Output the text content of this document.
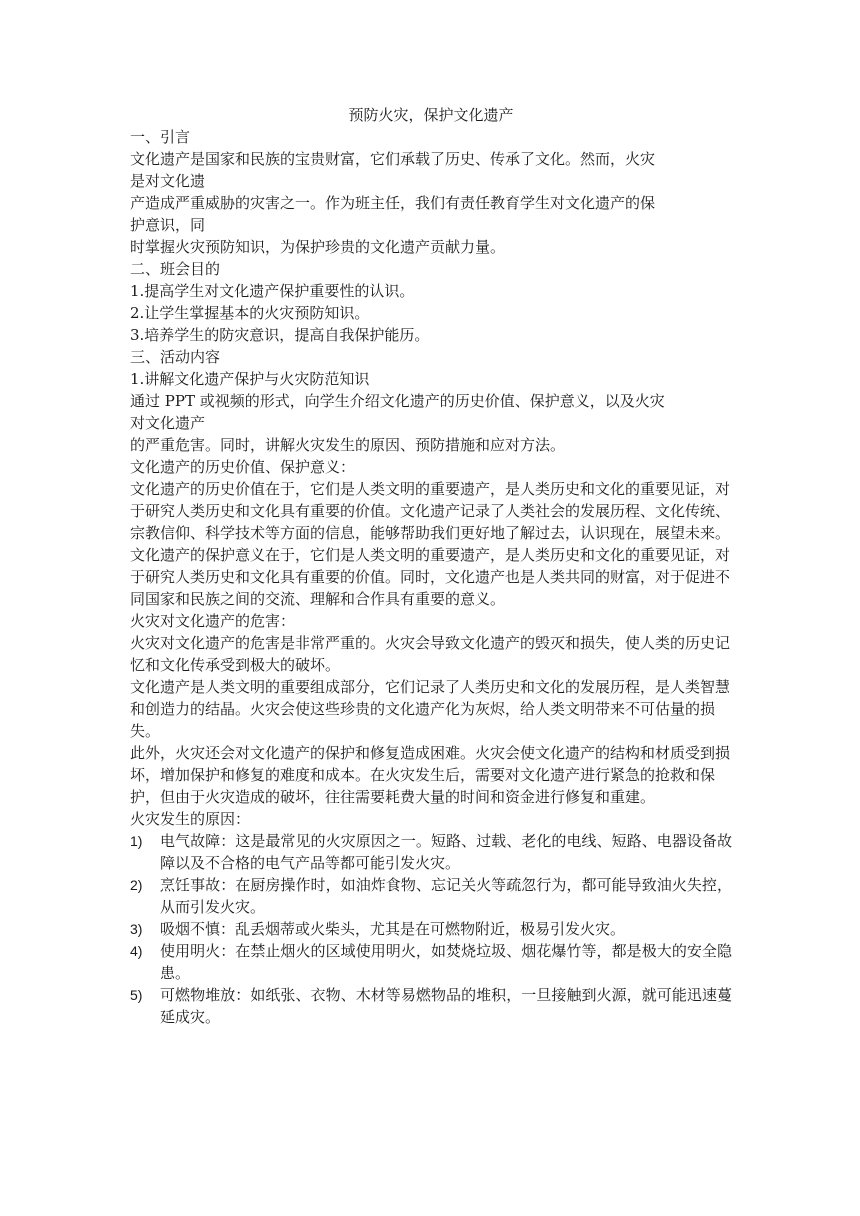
预防火灾，保护文化遗产

一、引言

文化遗产是国家和民族的宝贵财富，它们承载了历史、传承了文化。然而，火灾

是对文化遗

产造成严重威胁的灾害之一。作为班主任，我们有责任教育学生对文化遗产的保

护意识，同

时掌握火灾预防知识，为保护珍贵的文化遗产贡献力量。

二、班会目的

1.提高学生对文化遗产保护重要性的认识。

2.让学生掌握基本的火灾预防知识。

3.培养学生的防灾意识，提高自我保护能历。

三、活动内容

1.讲解文化遗产保护与火灾防范知识

通过 PPT 或视频的形式，向学生介绍文化遗产的历史价值、保护意义，以及火灾

对文化遗产

的严重危害。同时，讲解火灾发生的原因、预防措施和应对方法。

文化遗产的历史价值、保护意义：

文化遗产的历史价值在于，它们是人类文明的重要遗产，是人类历史和文化的重要见证，对于研究人类历史和文化具有重要的价值。文化遗产记录了人类社会的发展历程、文化传统、宗教信仰、科学技术等方面的信息，能够帮助我们更好地了解过去，认识现在，展望未来。

文化遗产的保护意义在于，它们是人类文明的重要遗产，是人类历史和文化的重要见证，对于研究人类历史和文化具有重要的价值。同时，文化遗产也是人类共同的财富，对于促进不同国家和民族之间的交流、理解和合作具有重要的意义。

火灾对文化遗产的危害：

火灾对文化遗产的危害是非常严重的。火灾会导致文化遗产的毁灭和损失，使人类的历史记忆和文化传承受到极大的破坏。

文化遗产是人类文明的重要组成部分，它们记录了人类历史和文化的发展历程，是人类智慧和创造力的结晶。火灾会使这些珍贵的文化遗产化为灰烬，给人类文明带来不可估量的损失。

此外，火灾还会对文化遗产的保护和修复造成困难。火灾会使文化遗产的结构和材质受到损坏，增加保护和修复的难度和成本。在火灾发生后，需要对文化遗产进行紧急的抢救和保护，但由于火灾造成的破坏，往往需要耗费大量的时间和资金进行修复和重建。

火灾发生的原因：

1) 电气故障：这是最常见的火灾原因之一。短路、过载、老化的电线、短路、电器设备故障以及不合格的电气产品等都可能引发火灾。
2) 烹饪事故：在厨房操作时，如油炸食物、忘记关火等疏忽行为，都可能导致油火失控，从而引发火灾。
3) 吸烟不慎：乱丢烟蒂或火柴头，尤其是在可燃物附近，极易引发火灾。
4) 使用明火：在禁止烟火的区域使用明火，如焚烧垃圾、烟花爆竹等，都是极大的安全隐患。
5) 可燃物堆放：如纸张、衣物、木材等易燃物品的堆积，一旦接触到火源，就可能迅速蔓延成灾。
